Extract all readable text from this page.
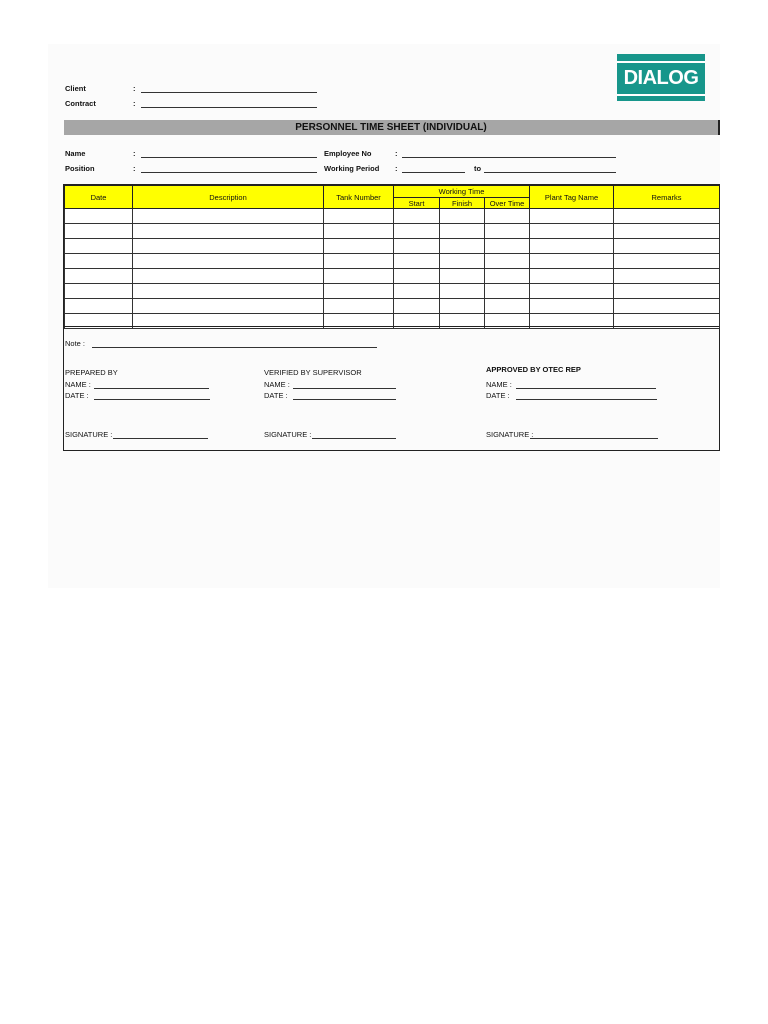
Client	:
Contract	:
DIALOG
PERSONNEL TIME SHEET (INDIVIDUAL)
Name	:
Position	:
Employee No	:
Working Period :	to
Date	Description	Tank Number	Working Time			Plant Tag Name	Remarks
			Start	Finish	Over Time		

Note :
PREPARED BY
NAME :
DATE :
SIGNATURE :
VERIFIED BY SUPERVISOR
NAME :
DATE :
SIGNATURE :
APPROVED BY OTEC REP
NAME :
DATE :
SIGNATURE :
